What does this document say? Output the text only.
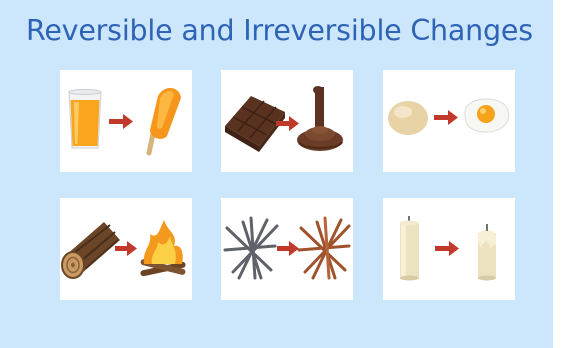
Reversible and Irreversible Changes
